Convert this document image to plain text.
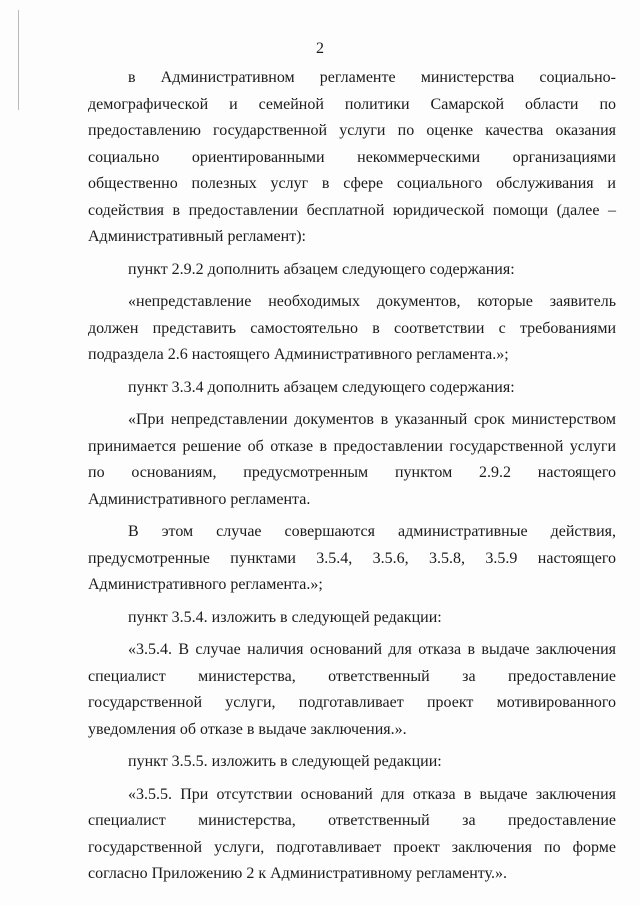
2

в Административном регламенте министерства социально-демографической и семейной политики Самарской области по предоставлению государственной услуги по оценке качества оказания социально ориентированными некоммерческими организациями общественно полезных услуг в сфере социального обслуживания и содействия в предоставлении бесплатной юридической помощи (далее – Административный регламент):

пункт 2.9.2 дополнить абзацем следующего содержания:

«непредставление необходимых документов, которые заявитель должен представить самостоятельно в соответствии с требованиями подраздела 2.6 настоящего Административного регламента.»;

пункт 3.3.4 дополнить абзацем следующего содержания:

«При непредставлении документов в указанный срок министерством принимается решение об отказе в предоставлении государственной услуги по основаниям, предусмотренным пунктом 2.9.2 настоящего Административного регламента.

В этом случае совершаются административные действия, предусмотренные пунктами 3.5.4, 3.5.6, 3.5.8, 3.5.9 настоящего Административного регламента.»;

пункт 3.5.4. изложить в следующей редакции:

«3.5.4. В случае наличия оснований для отказа в выдаче заключения специалист министерства, ответственный за предоставление государственной услуги, подготавливает проект мотивированного уведомления об отказе в выдаче заключения.».

пункт 3.5.5. изложить в следующей редакции:

«3.5.5. При отсутствии оснований для отказа в выдаче заключения специалист министерства, ответственный за предоставление государственной услуги, подготавливает проект заключения по форме согласно Приложению 2 к Административному регламенту.».
